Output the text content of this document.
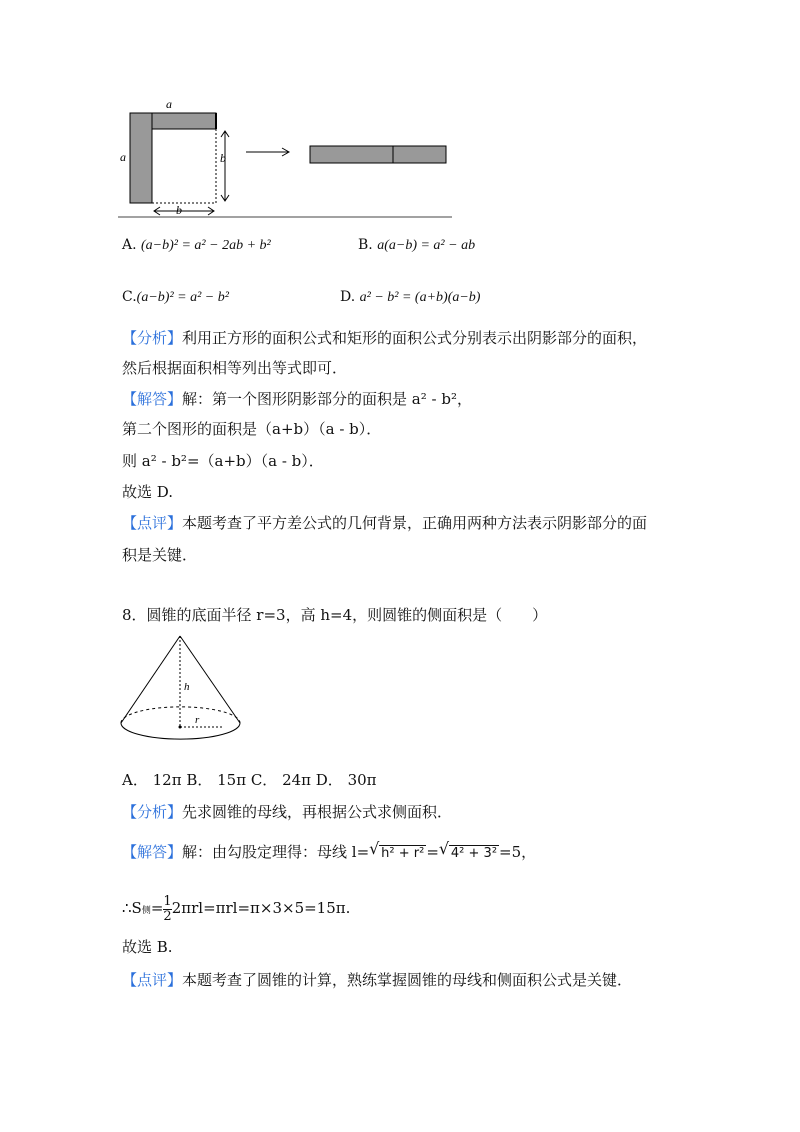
a
a	b
b
A. (a−b)² = a² − 2ab + b²	B. a(a−b) = a² − ab
C.(a−b)² = a² − b²	D. a² − b² = (a+b)(a−b)
【分析】利用正方形的面积公式和矩形的面积公式分别表示出阴影部分的面积，
然后根据面积相等列出等式即可．
【解答】解：第一个图形阴影部分的面积是 a² - b²，
第二个图形的面积是（a+b）（a - b）．
则 a² - b²=（a+b）（a - b）．
故选 D.
【点评】本题考查了平方差公式的几何背景，正确用两种方法表示阴影部分的面
积是关键．
8．圆锥的底面半径 r=3，高 h=4，则圆锥的侧面积是（　　）
h
r
A． 12π B． 15π C． 24π D． 30π
【分析】先求圆锥的母线，再根据公式求侧面积．
【解答】解：由勾股定理得：母线 l= √ h² + r² = √ 4² + 3² =5，
∴S侧= $\frac{1}{2} 2\pi rl=\pi rl=\pi\times 3\times 5=15\pi$.
故选 B.
【点评】本题考查了圆锥的计算，熟练掌握圆锥的母线和侧面积公式是关键．
